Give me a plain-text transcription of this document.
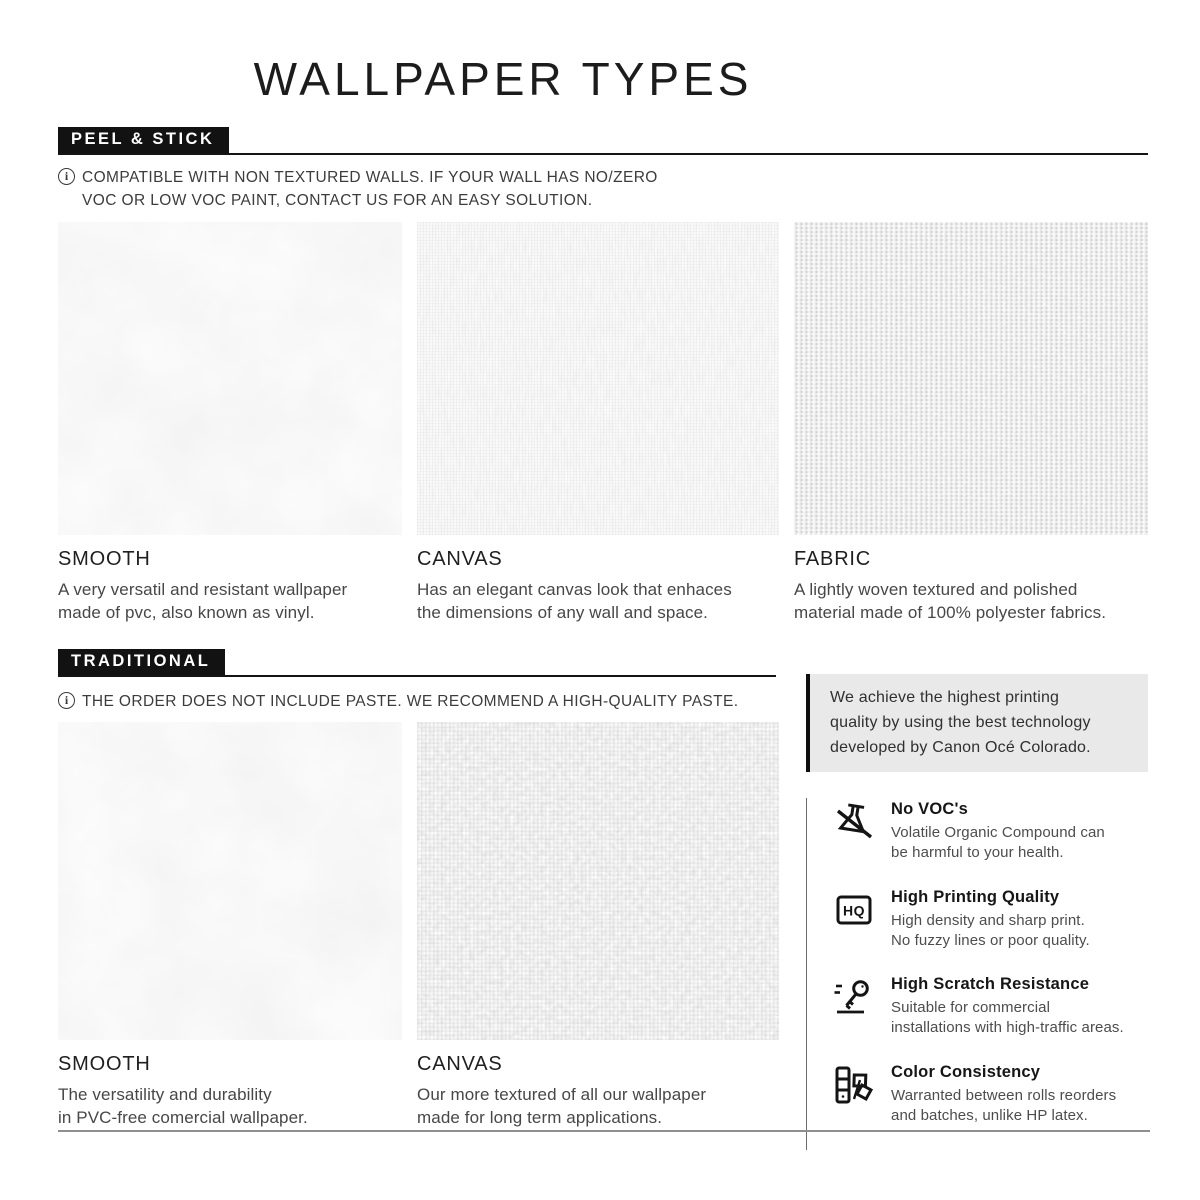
WALLPAPER TYPES
PEEL & STICK
i COMPATIBLE WITH NON TEXTURED WALLS. IF YOUR WALL HAS NO/ZERO
VOC OR LOW VOC PAINT, CONTACT US FOR AN EASY SOLUTION.
SMOOTH
A very versatil and resistant wallpaper
made of pvc, also known as vinyl.
CANVAS
Has an elegant canvas look that enhaces
the dimensions of any wall and space.
FABRIC
A lightly woven textured and polished
material made of 100% polyester fabrics.
TRADITIONAL
i THE ORDER DOES NOT INCLUDE PASTE. WE RECOMMEND A HIGH-QUALITY PASTE.
SMOOTH
The versatility and durability
in PVC-free comercial wallpaper.
CANVAS
Our more textured of all our wallpaper
made for long term applications.
We achieve the highest printing
quality by using the best technology
developed by Canon Océ Colorado.
No VOC's
Volatile Organic Compound can
be harmful to your health.
HQ
High Printing Quality
High density and sharp print.
No fuzzy lines or poor quality.
High Scratch Resistance
Suitable for commercial
installations with high-traffic areas.
Color Consistency
Warranted between rolls reorders
and batches, unlike HP latex.
